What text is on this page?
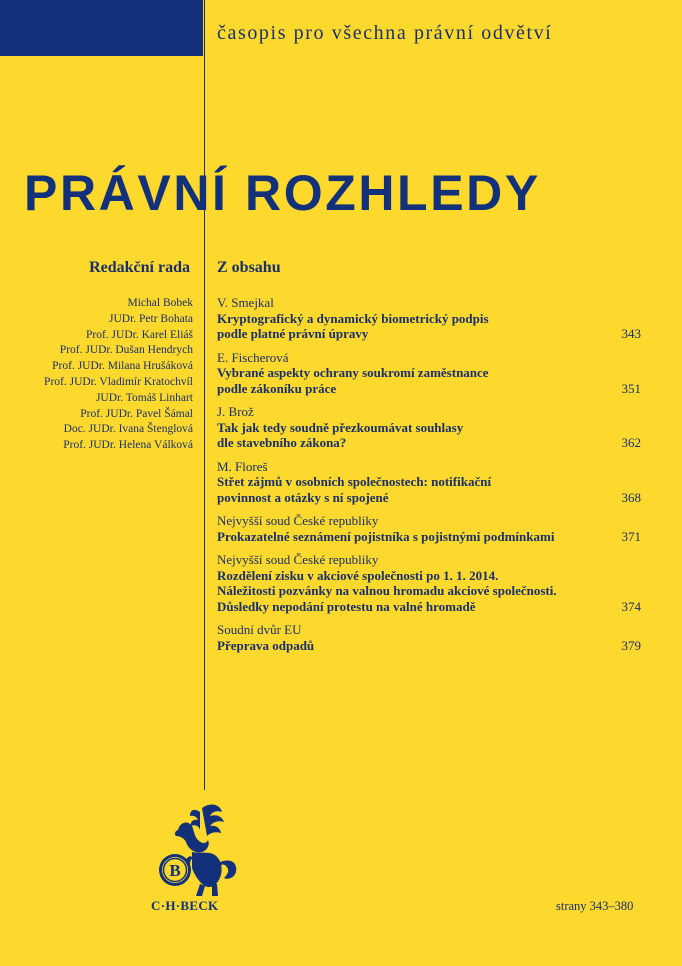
časopis pro všechna právní odvětví
PRÁVNÍ ROZHLEDY
Redakční rada
Michal Bobek
JUDr. Petr Bohata
Prof. JUDr. Karel Eliáš
Prof. JUDr. Dušan Hendrych
Prof. JUDr. Milana Hrušáková
Prof. JUDr. Vladimír Kratochvíl
JUDr. Tomáš Linhart
Prof. JUDr. Pavel Šámal
Doc. JUDr. Ivana Štenglová
Prof. JUDr. Helena Válková
Z obsahu
V. Smejkal
Kryptografický a dynamický biometrický podpis
podle platné právní úpravy	343
E. Fischerová
Vybrané aspekty ochrany soukromí zaměstnance
podle zákoníku práce	351
J. Brož
Tak jak tedy soudně přezkoumávat souhlasy
dle stavebního zákona?	362
M. Floreš
Střet zájmů v osobních společnostech: notifikační
povinnost a otázky s ní spojené	368
Nejvyšší soud České republiky
Prokazatelné seznámení pojistníka s pojistnými podmínkami	371
Nejvyšší soud České republiky
Rozdělení zisku v akciové společnosti po 1. 1. 2014.
Náležitosti pozvánky na valnou hromadu akciové společnosti.
Důsledky nepodání protestu na valné hromadě	374
Soudní dvůr EU
Přeprava odpadů	379
B
C·H·BECK	strany 343–380
